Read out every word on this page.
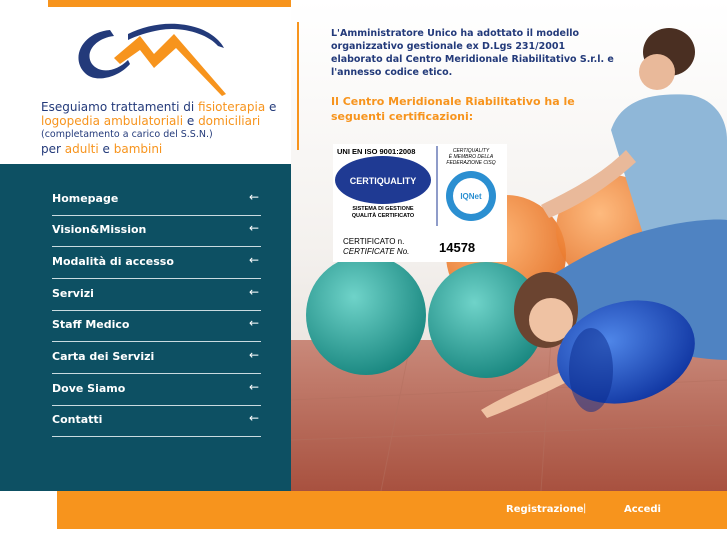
Eseguiamo trattamenti di fisioterapia e
logopedia ambulatoriali e domiciliari
(completamento a carico del S.S.N.)
per adulti e bambini
L'Amministratore Unico ha adottato il modello organizzativo gestionale ex D.Lgs 231/2001 elaborato dal Centro Meridionale Riabilitativo S.r.l. e l'annesso codice etico.
Il Centro Meridionale Riabilitativo ha le seguenti certificazioni:
UNI EN ISO 9001:2008
CERTIQUALITY
SISTEMA DI GESTIONE
QUALITÀ CERTIFICATO
CERTIQUALITY
È MEMBRO DELLA
FEDERAZIONE CISQ
IQNet
CERTIFICATO n.
CERTIFICATE No. 14578
Homepage	←
Vision&Mission	←
Modalità di accesso	←
Servizi	←
Staff Medico	←
Carta dei Servizi	←
Dove Siamo	←
Contatti	←
Registrazione |	Accedi
